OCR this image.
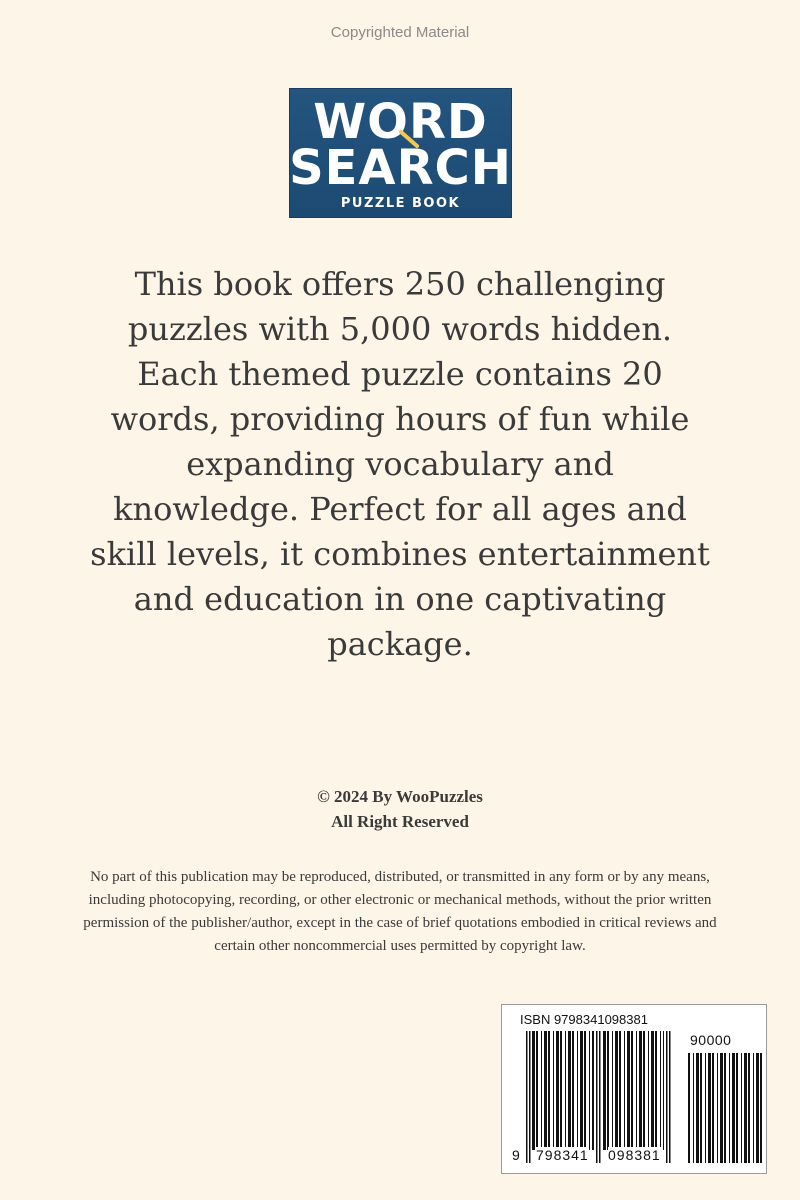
Copyrighted Material
WORD
SEARCH
PUZZLE BOOK

This book offers 250 challenging puzzles with 5,000 words hidden. Each themed puzzle contains 20 words, providing hours of fun while expanding vocabulary and knowledge. Perfect for all ages and skill levels, it combines entertainment and education in one captivating package.

© 2024 By WooPuzzles
All Right Reserved

No part of this publication may be reproduced, distributed, or transmitted in any form or by any means, including photocopying, recording, or other electronic or mechanical methods, without the prior written permission of the publisher/author, except in the case of brief quotations embodied in critical reviews and certain other noncommercial uses permitted by copyright law.

ISBN 9798341098381
90000
9 798341 098381
